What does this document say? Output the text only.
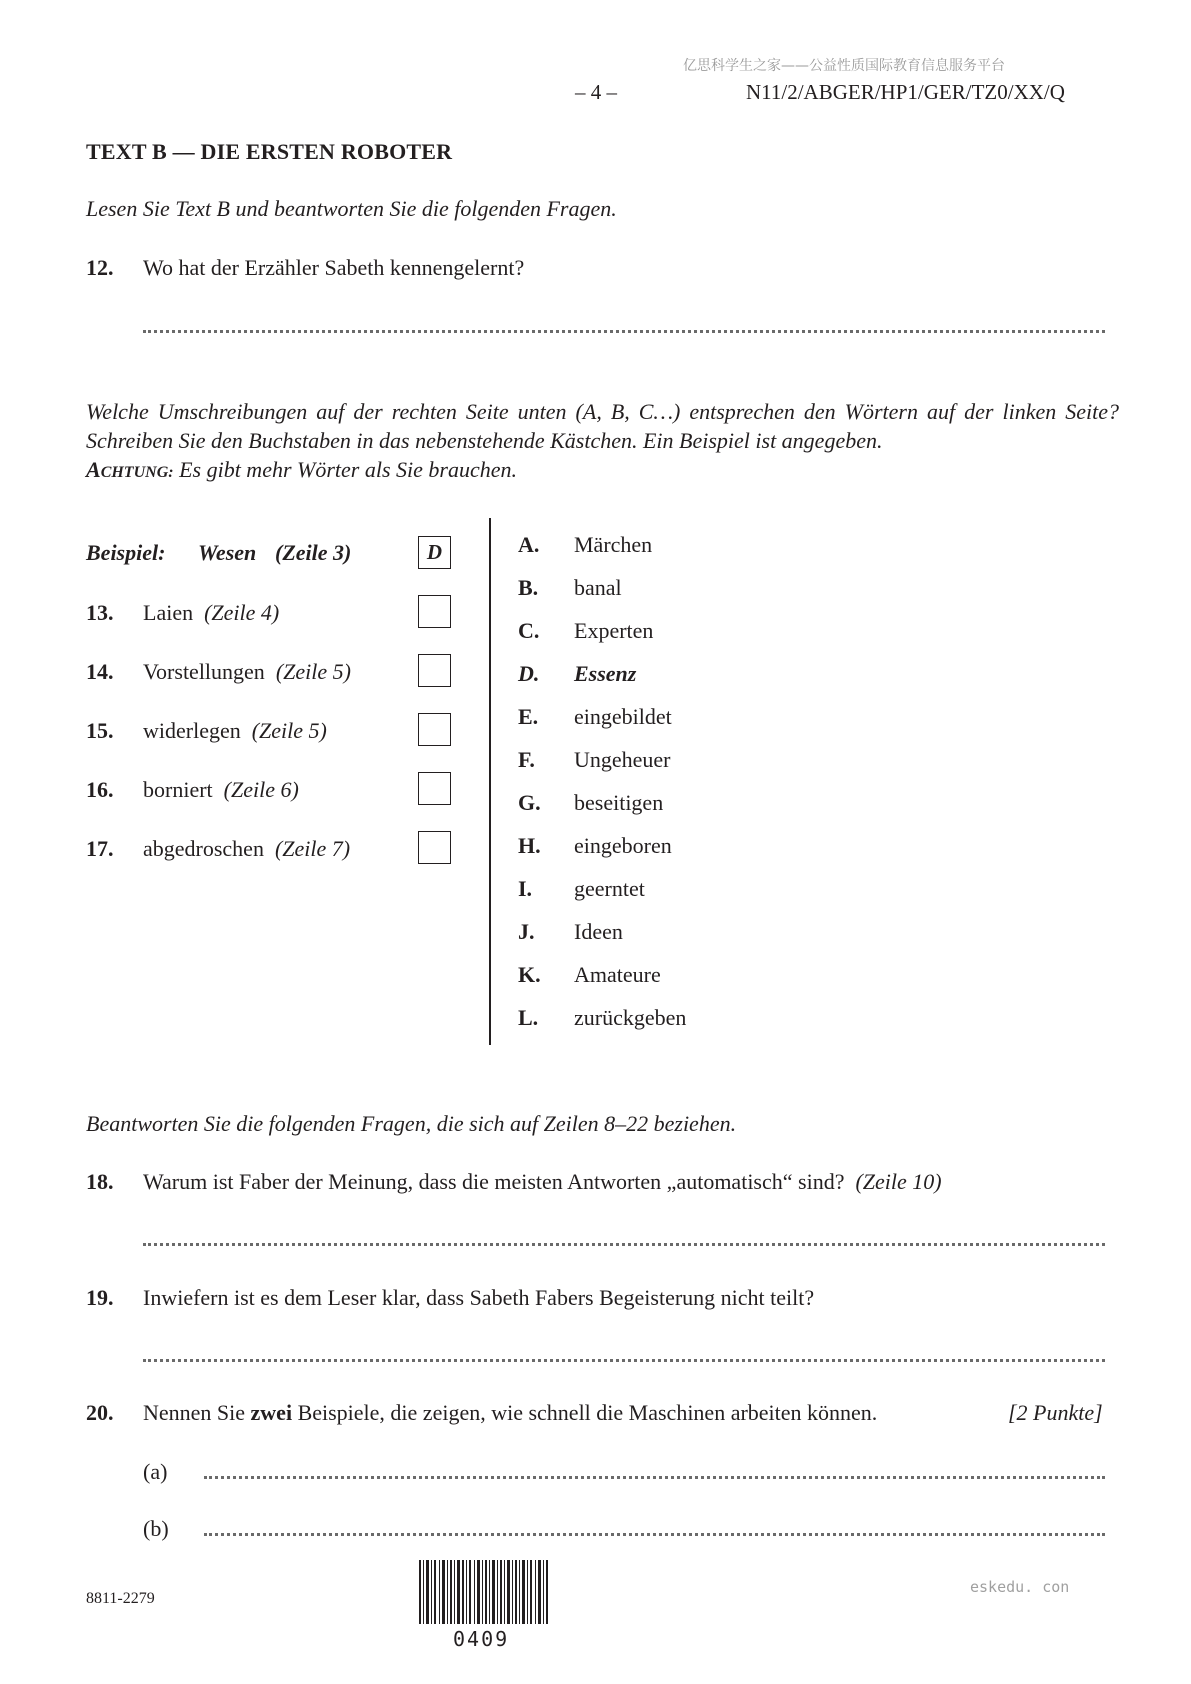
亿思科学生之家——公益性质国际教育信息服务平台
– 4 –	N11/2/ABGER/HP1/GER/TZ0/XX/Q
TEXT B — DIE ERSTEN ROBOTER
Lesen Sie Text B und beantworten Sie die folgenden Fragen.
12. Wo hat der Erzähler Sabeth kennengelernt?
Welche Umschreibungen auf der rechten Seite unten (A, B, C…) entsprechen den Wörtern auf der linken Seite? Schreiben Sie den Buchstaben in das nebenstehende Kästchen. Ein Beispiel ist angegeben.
ACHTUNG: Es gibt mehr Wörter als Sie brauchen.
Beispiel: Wesen (Zeile 3)	D
13. Laien (Zeile 4)
14. Vorstellungen (Zeile 5)
15. widerlegen (Zeile 5)
16. borniert (Zeile 6)
17. abgedroschen (Zeile 7)
A. Märchen
B. banal
C. Experten
D. Essenz
E. eingebildet
F. Ungeheuer
G. beseitigen
H. eingeboren
I. geerntet
J. Ideen
K. Amateure
L. zurückgeben
Beantworten Sie die folgenden Fragen, die sich auf Zeilen 8–22 beziehen.
18. Warum ist Faber der Meinung, dass die meisten Antworten „automatisch“ sind? (Zeile 10)
19. Inwiefern ist es dem Leser klar, dass Sabeth Fabers Begeisterung nicht teilt?
20. Nennen Sie zwei Beispiele, die zeigen, wie schnell die Maschinen arbeiten können.	[2 Punkte]
(a)
(b)
8811-2279
0409
eskedu. con
